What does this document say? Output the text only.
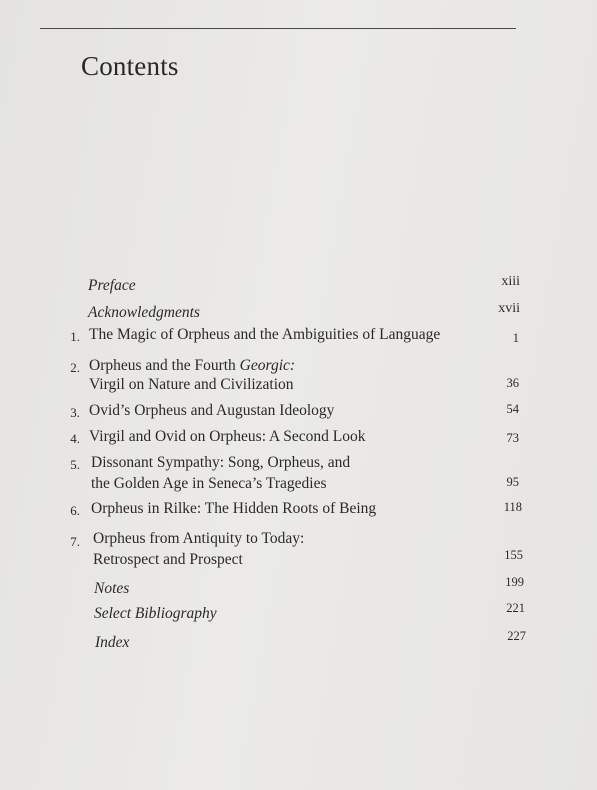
Contents
Preface	xiii
Acknowledgments	xvii
1. The Magic of Orpheus and the Ambiguities of Language	1
2. Orpheus and the Fourth Georgic:
Virgil on Nature and Civilization	36
3. Ovid’s Orpheus and Augustan Ideology	54
4. Virgil and Ovid on Orpheus: A Second Look	73
5. Dissonant Sympathy: Song, Orpheus, and
the Golden Age in Seneca’s Tragedies	95
6. Orpheus in Rilke: The Hidden Roots of Being	118
7. Orpheus from Antiquity to Today:
Retrospect and Prospect	155
Notes	199
Select Bibliography	221
Index	227
